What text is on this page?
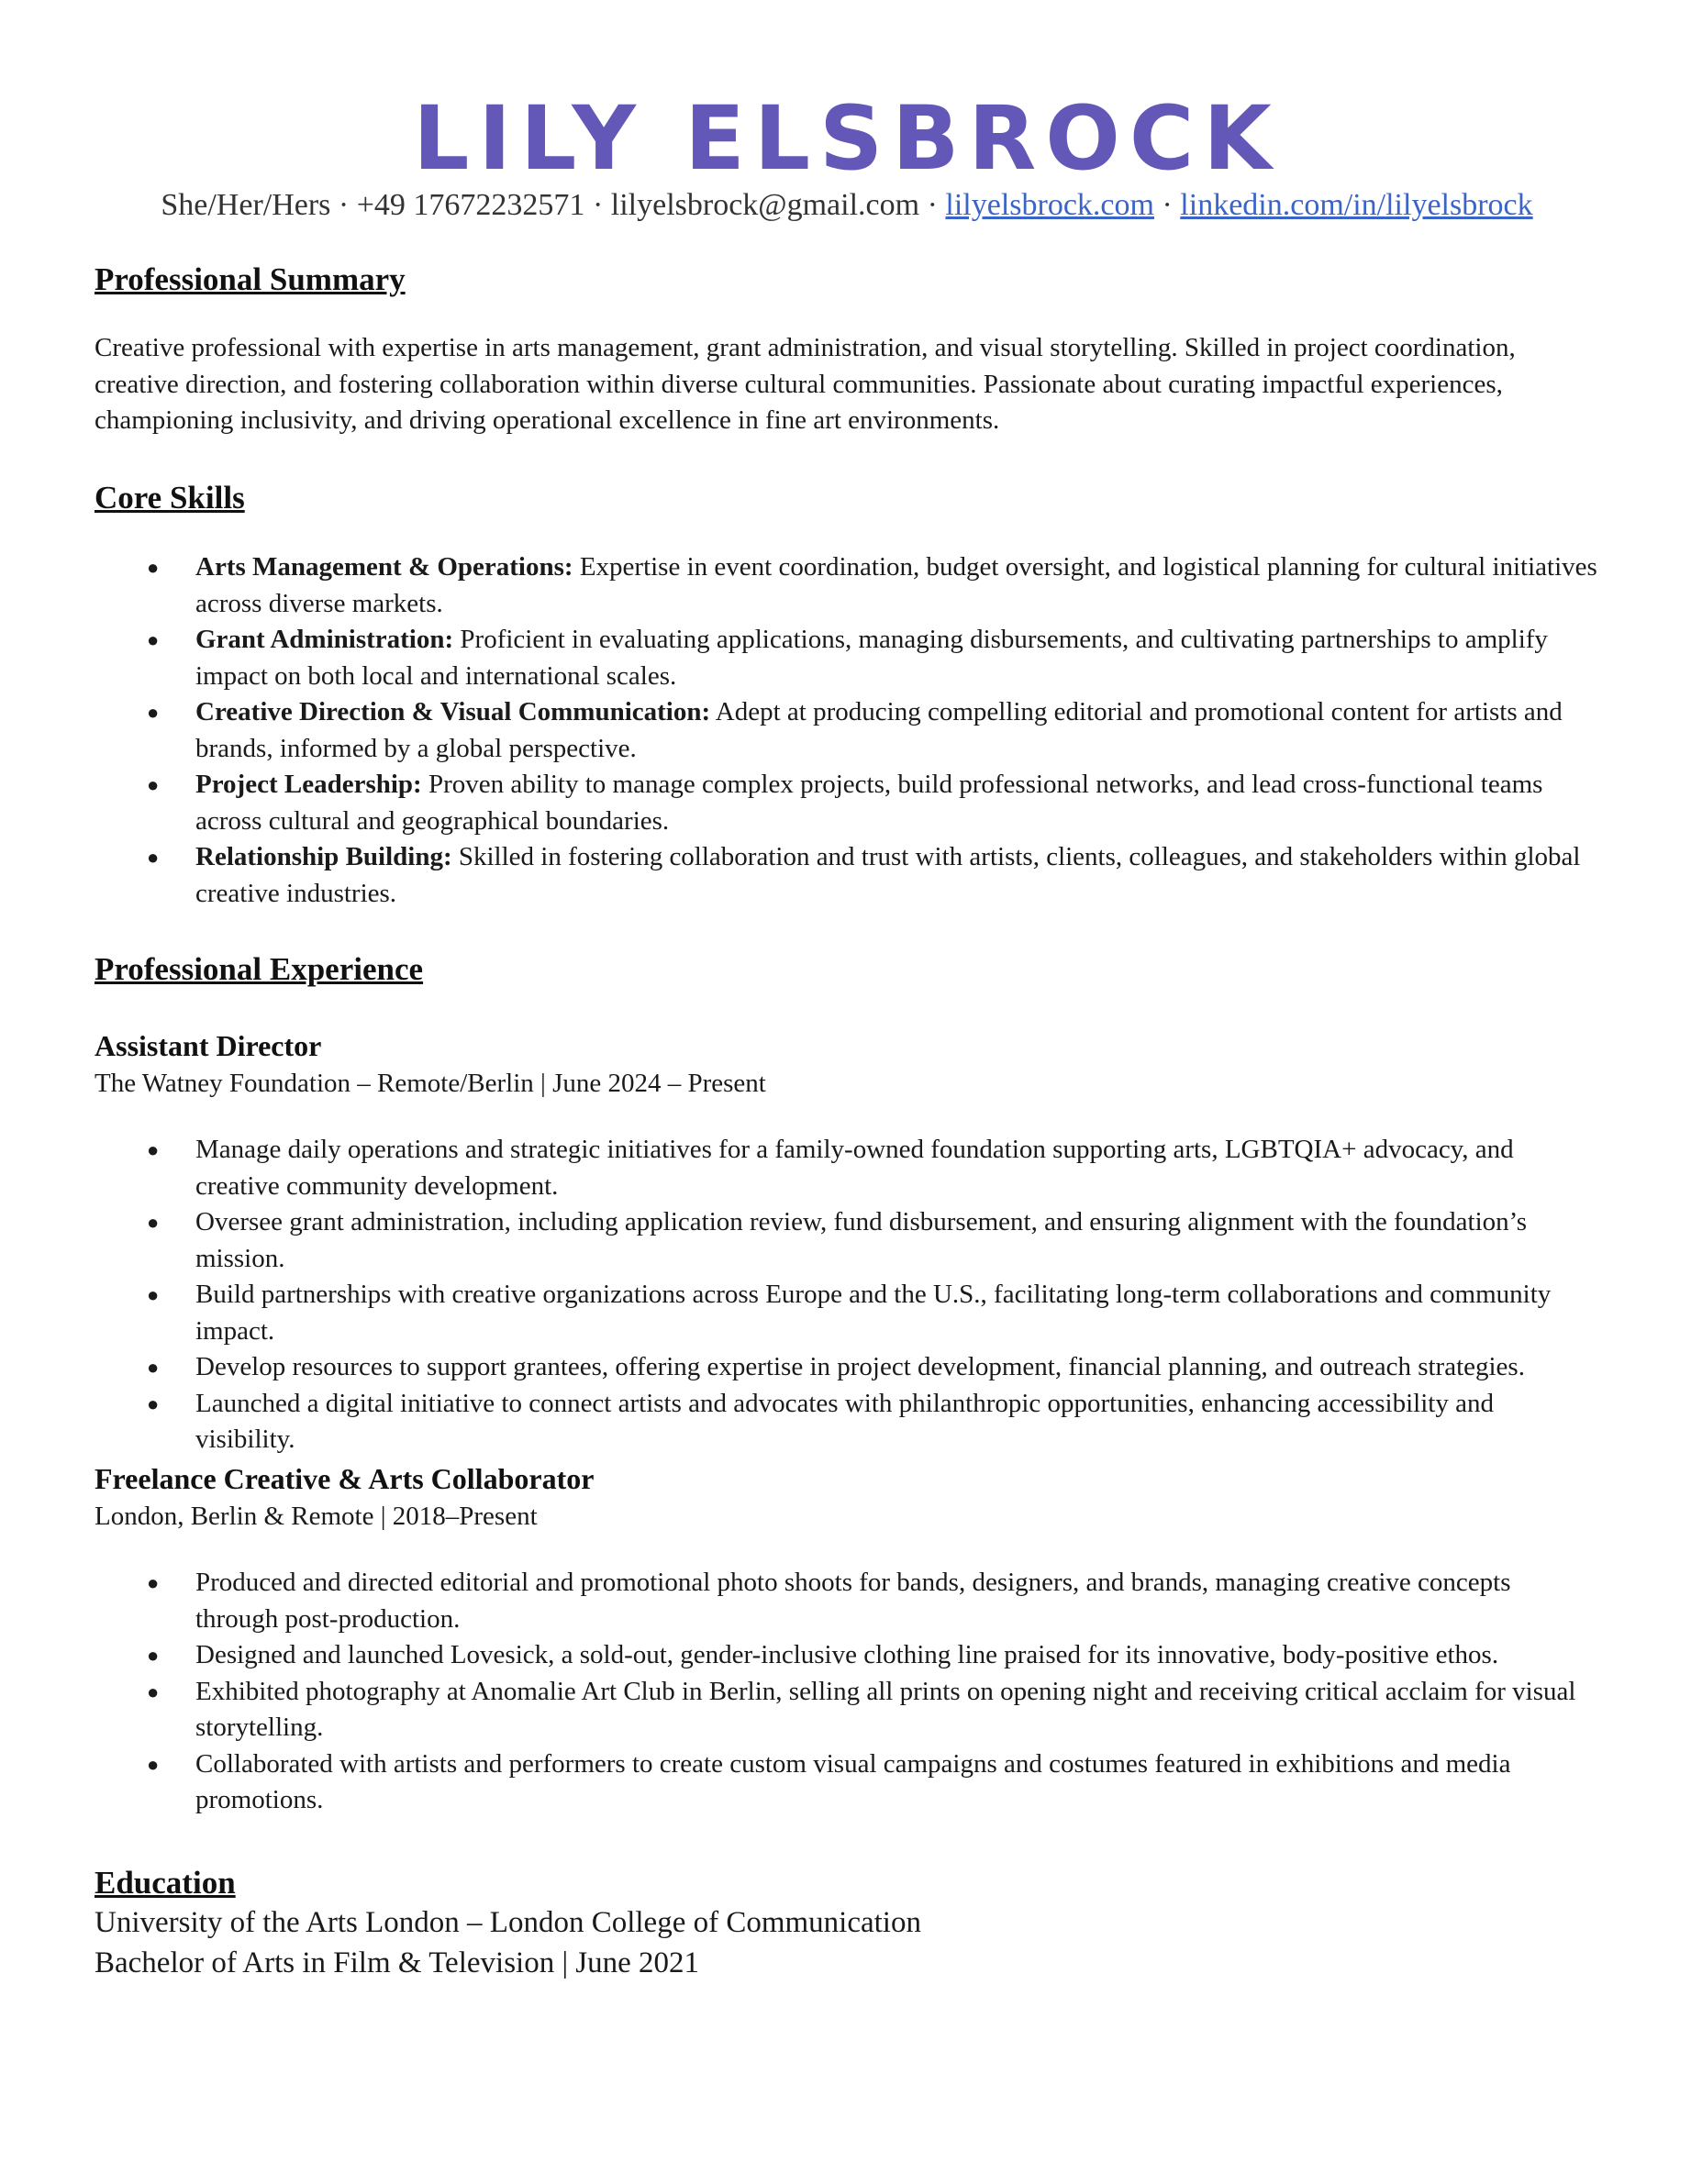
LILY ELSBROCK
She/Her/Hers · +49 17672232571 · lilyelsbrock@gmail.com · lilyelsbrock.com · linkedin.com/in/lilyelsbrock

Professional Summary

Creative professional with expertise in arts management, grant administration, and visual storytelling. Skilled in project coordination, creative direction, and fostering collaboration within diverse cultural communities. Passionate about curating impactful experiences, championing inclusivity, and driving operational excellence in fine art environments.

Core Skills

● Arts Management & Operations: Expertise in event coordination, budget oversight, and logistical planning for cultural initiatives across diverse markets.
● Grant Administration: Proficient in evaluating applications, managing disbursements, and cultivating partnerships to amplify impact on both local and international scales.
● Creative Direction & Visual Communication: Adept at producing compelling editorial and promotional content for artists and brands, informed by a global perspective.
● Project Leadership: Proven ability to manage complex projects, build professional networks, and lead cross-functional teams across cultural and geographical boundaries.
● Relationship Building: Skilled in fostering collaboration and trust with artists, clients, colleagues, and stakeholders within global creative industries.

Professional Experience

Assistant Director

The Watney Foundation – Remote/Berlin | June 2024 – Present

● Manage daily operations and strategic initiatives for a family-owned foundation supporting arts, LGBTQIA+ advocacy, and creative community development.
● Oversee grant administration, including application review, fund disbursement, and ensuring alignment with the foundation’s mission.
● Build partnerships with creative organizations across Europe and the U.S., facilitating long-term collaborations and community impact.
● Develop resources to support grantees, offering expertise in project development, financial planning, and outreach strategies.
● Launched a digital initiative to connect artists and advocates with philanthropic opportunities, enhancing accessibility and visibility.

Freelance Creative & Arts Collaborator

London, Berlin & Remote | 2018–Present

● Produced and directed editorial and promotional photo shoots for bands, designers, and brands, managing creative concepts through post-production.
● Designed and launched Lovesick, a sold-out, gender-inclusive clothing line praised for its innovative, body-positive ethos.
● Exhibited photography at Anomalie Art Club in Berlin, selling all prints on opening night and receiving critical acclaim for visual storytelling.
● Collaborated with artists and performers to create custom visual campaigns and costumes featured in exhibitions and media promotions.

Education

University of the Arts London – London College of Communication

Bachelor of Arts in Film & Television | June 2021
